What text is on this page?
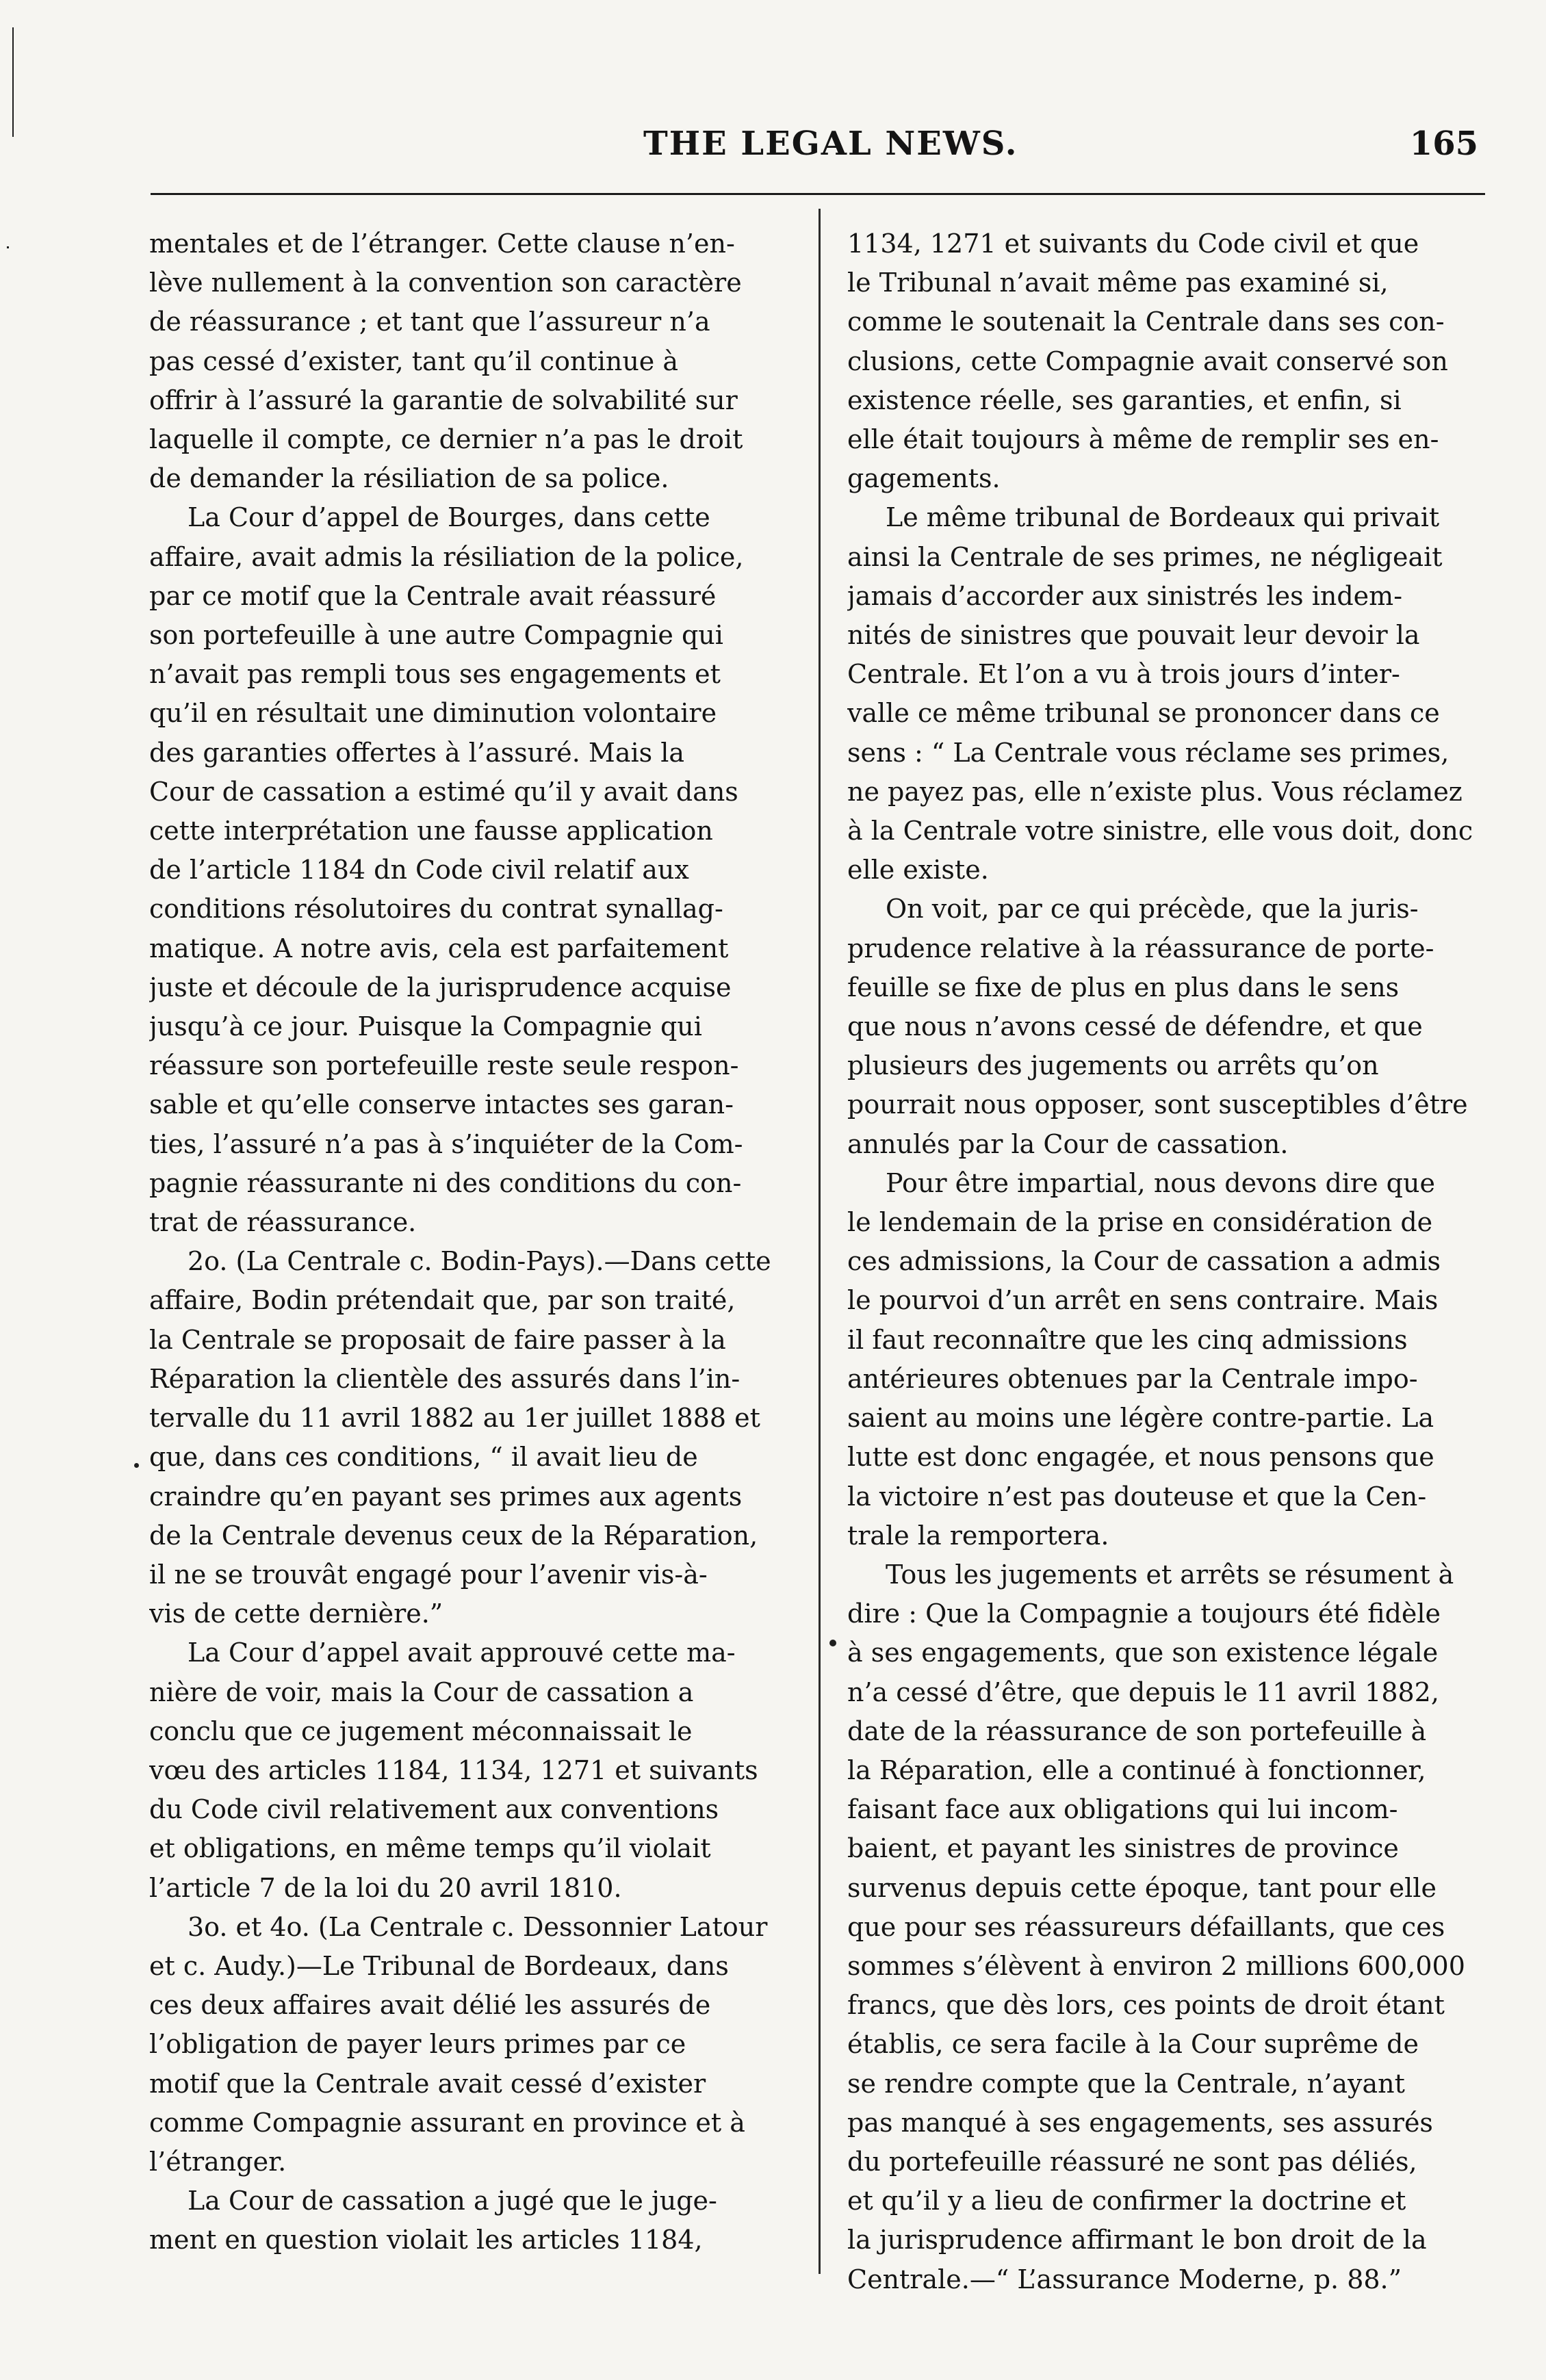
THE LEGAL NEWS.	165
mentales et de l’étranger. Cette clause n’en-
lève nullement à la convention son caractère
de réassurance ; et tant que l’assureur n’a
pas cessé d’exister, tant qu’il continue à
offrir à l’assuré la garantie de solvabilité sur
laquelle il compte, ce dernier n’a pas le droit
de demander la résiliation de sa police.
La Cour d’appel de Bourges, dans cette
affaire, avait admis la résiliation de la police,
par ce motif que la Centrale avait réassuré
son portefeuille à une autre Compagnie qui
n’avait pas rempli tous ses engagements et
qu’il en résultait une diminution volontaire
des garanties offertes à l’assuré. Mais la
Cour de cassation a estimé qu’il y avait dans
cette interprétation une fausse application
de l’article 1184 dn Code civil relatif aux
conditions résolutoires du contrat synallag-
matique. A notre avis, cela est parfaitement
juste et découle de la jurisprudence acquise
jusqu’à ce jour. Puisque la Compagnie qui
réassure son portefeuille reste seule respon-
sable et qu’elle conserve intactes ses garan-
ties, l’assuré n’a pas à s’inquiéter de la Com-
pagnie réassurante ni des conditions du con-
trat de réassurance.
2o. (La Centrale c. Bodin-Pays).—Dans cette
affaire, Bodin prétendait que, par son traité,
la Centrale se proposait de faire passer à la
Réparation la clientèle des assurés dans l’in-
tervalle du 11 avril 1882 au 1er juillet 1888 et
que, dans ces conditions, “ il avait lieu de
craindre qu’en payant ses primes aux agents
de la Centrale devenus ceux de la Réparation,
il ne se trouvât engagé pour l’avenir vis-à-
vis de cette dernière.”
La Cour d’appel avait approuvé cette ma-
nière de voir, mais la Cour de cassation a
conclu que ce jugement méconnaissait le
vœu des articles 1184, 1134, 1271 et suivants
du Code civil relativement aux conventions
et obligations, en même temps qu’il violait
l’article 7 de la loi du 20 avril 1810.
3o. et 4o. (La Centrale c. Dessonnier Latour
et c. Audy.)—Le Tribunal de Bordeaux, dans
ces deux affaires avait délié les assurés de
l’obligation de payer leurs primes par ce
motif que la Centrale avait cessé d’exister
comme Compagnie assurant en province et à
l’étranger.
La Cour de cassation a jugé que le juge-
ment en question violait les articles 1184,
1134, 1271 et suivants du Code civil et que
le Tribunal n’avait même pas examiné si,
comme le soutenait la Centrale dans ses con-
clusions, cette Compagnie avait conservé son
existence réelle, ses garanties, et enfin, si
elle était toujours à même de remplir ses en-
gagements.
Le même tribunal de Bordeaux qui privait
ainsi la Centrale de ses primes, ne négligeait
jamais d’accorder aux sinistrés les indem-
nités de sinistres que pouvait leur devoir la
Centrale. Et l’on a vu à trois jours d’inter-
valle ce même tribunal se prononcer dans ce
sens : “ La Centrale vous réclame ses primes,
ne payez pas, elle n’existe plus. Vous réclamez
à la Centrale votre sinistre, elle vous doit, donc
elle existe.
On voit, par ce qui précède, que la juris-
prudence relative à la réassurance de porte-
feuille se fixe de plus en plus dans le sens
que nous n’avons cessé de défendre, et que
plusieurs des jugements ou arrêts qu’on
pourrait nous opposer, sont susceptibles d’être
annulés par la Cour de cassation.
Pour être impartial, nous devons dire que
le lendemain de la prise en considération de
ces admissions, la Cour de cassation a admis
le pourvoi d’un arrêt en sens contraire. Mais
il faut reconnaître que les cinq admissions
antérieures obtenues par la Centrale impo-
saient au moins une légère contre-partie. La
lutte est donc engagée, et nous pensons que
la victoire n’est pas douteuse et que la Cen-
trale la remportera.
Tous les jugements et arrêts se résument à
dire : Que la Compagnie a toujours été fidèle
à ses engagements, que son existence légale
n’a cessé d’être, que depuis le 11 avril 1882,
date de la réassurance de son portefeuille à
la Réparation, elle a continué à fonctionner,
faisant face aux obligations qui lui incom-
baient, et payant les sinistres de province
survenus depuis cette époque, tant pour elle
que pour ses réassureurs défaillants, que ces
sommes s’élèvent à environ 2 millions 600,000
francs, que dès lors, ces points de droit étant
établis, ce sera facile à la Cour suprême de
se rendre compte que la Centrale, n’ayant
pas manqué à ses engagements, ses assurés
du portefeuille réassuré ne sont pas déliés,
et qu’il y a lieu de confirmer la doctrine et
la jurisprudence affirmant le bon droit de la
Centrale.—“ L’assurance Moderne, p. 88.”
